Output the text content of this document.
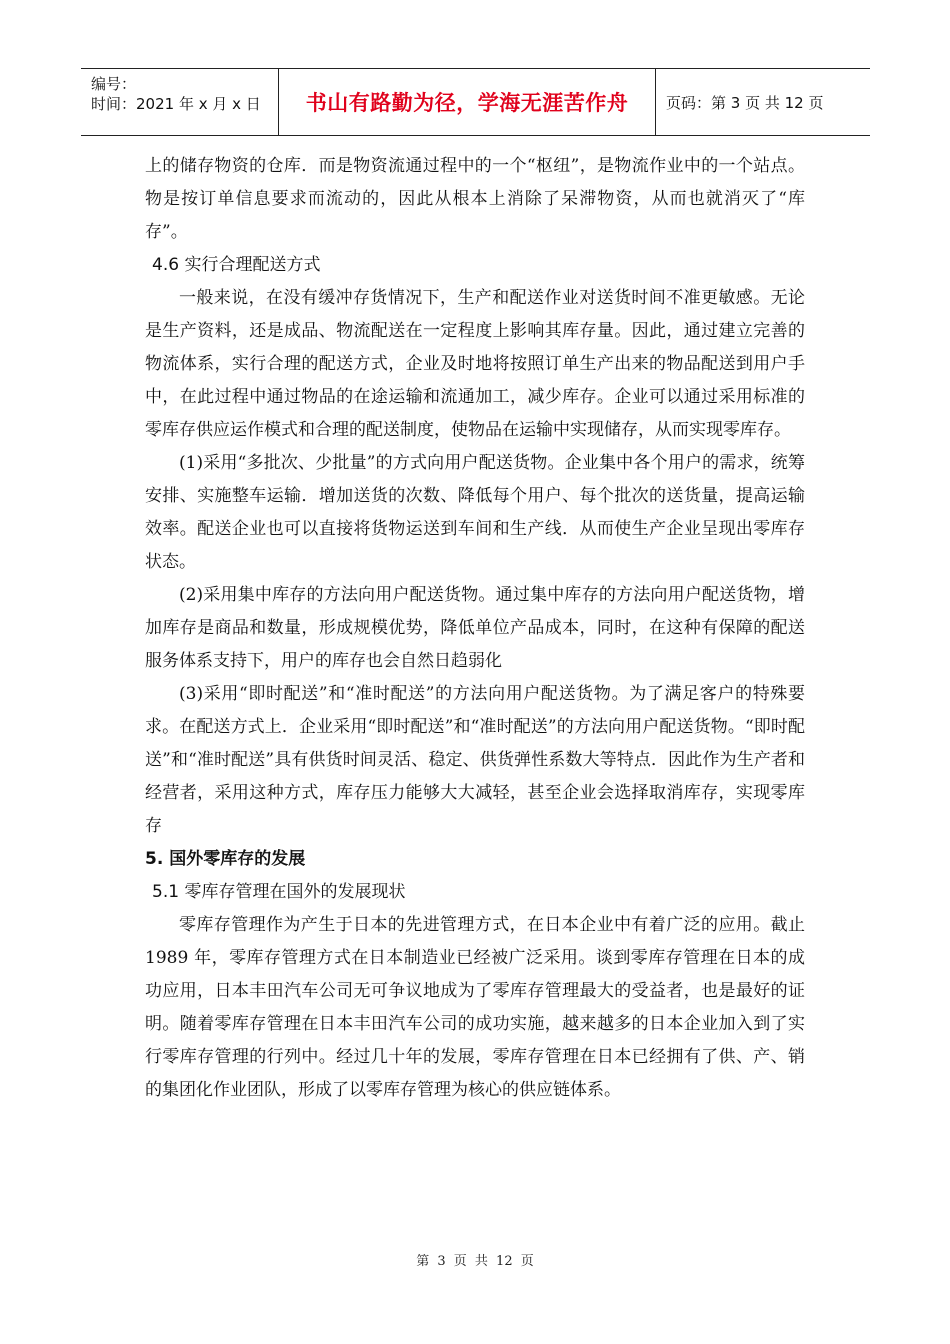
编号：
时间：2021 年 x 月 x 日 书山有路勤为径，学海无涯苦作舟	页码：第 3 页 共 12 页

上的储存物资的仓库．而是物资流通过程中的一个“枢纽”，是物流作业中的一个站点。物是按订单信息要求而流动的，因此从根本上消除了呆滞物资，从而也就消灭了“库存”。

4.6 实行合理配送方式

一般来说，在没有缓冲存货情况下，生产和配送作业对送货时间不准更敏感。无论是生产资料，还是成品、物流配送在一定程度上影响其库存量。因此，通过建立完善的物流体系，实行合理的配送方式，企业及时地将按照订单生产出来的物品配送到用户手中，在此过程中通过物品的在途运输和流通加工，减少库存。企业可以通过采用标准的零库存供应运作模式和合理的配送制度，使物品在运输中实现储存，从而实现零库存。

(1)采用“多批次、少批量”的方式向用户配送货物。企业集中各个用户的需求，统筹安排、实施整车运输．增加送货的次数、降低每个用户、每个批次的送货量，提高运输效率。配送企业也可以直接将货物运送到车间和生产线．从而使生产企业呈现出零库存状态。

(2)采用集中库存的方法向用户配送货物。通过集中库存的方法向用户配送货物，增加库存是商品和数量，形成规模优势，降低单位产品成本，同时，在这种有保障的配送服务体系支持下，用户的库存也会自然日趋弱化

(3)采用“即时配送”和“准时配送”的方法向用户配送货物。为了满足客户的特殊要求。在配送方式上．企业采用“即时配送”和“准时配送”的方法向用户配送货物。“即时配送”和“准时配送”具有供货时间灵活、稳定、供货弹性系数大等特点．因此作为生产者和经营者，采用这种方式，库存压力能够大大减轻，甚至企业会选择取消库存，实现零库存

5. 国外零库存的发展

5.1 零库存管理在国外的发展现状

零库存管理作为产生于日本的先进管理方式，在日本企业中有着广泛的应用。截止 1989 年，零库存管理方式在日本制造业已经被广泛采用。谈到零库存管理在日本的成功应用，日本丰田汽车公司无可争议地成为了零库存管理最大的受益者，也是最好的证明。随着零库存管理在日本丰田汽车公司的成功实施，越来越多的日本企业加入到了实行零库存管理的行列中。经过几十年的发展，零库存管理在日本已经拥有了供、产、销的集团化作业团队，形成了以零库存管理为核心的供应链体系。

第 3 页 共 12 页
